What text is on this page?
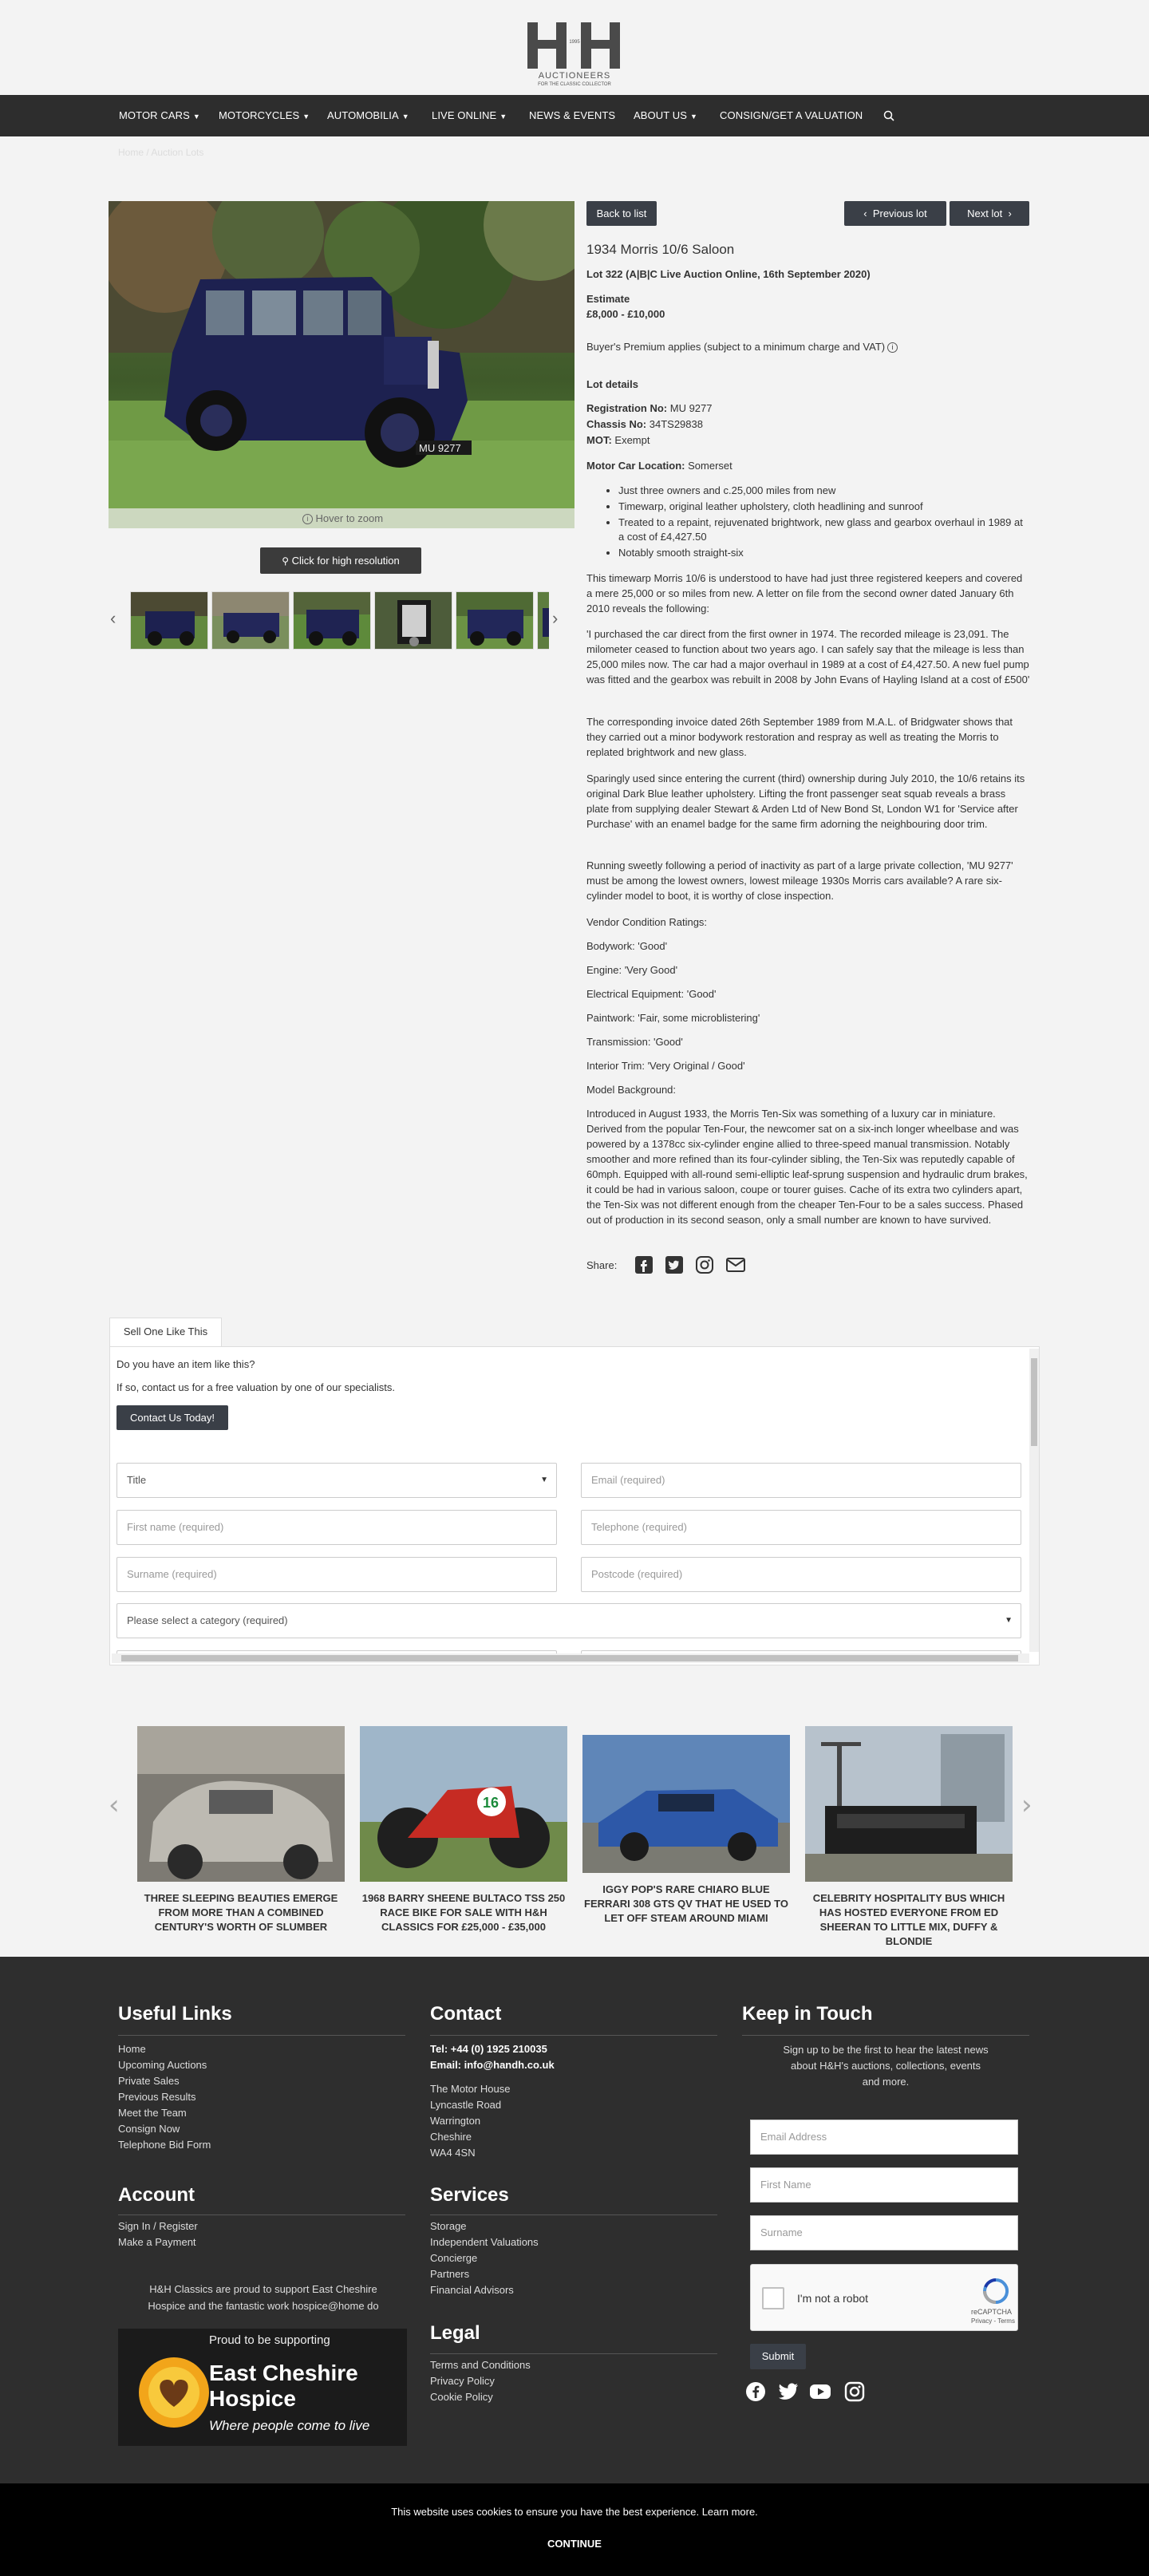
1995
AUCTIONEERS
FOR THE CLASSIC COLLECTOR
MOTOR CARS ▼ MOTORCYCLES ▼ AUTOMOBILIA ▼ LIVE ONLINE ▼ NEWS & EVENTS ABOUT US ▼ CONSIGN/GET A VALUATION
Home / Auction Lots
MU 9277
i Hover to zoom
⚲ Click for high resolution
‹	›
Back to list	‹ Previous lot	Next lot ›
1934 Morris 10/6 Saloon
Lot 322 (A|B|C Live Auction Online, 16th September 2020)
Estimate
£8,000 - £10,000
Buyer's Premium applies (subject to a minimum charge and VAT) i
Lot details
Registration No: MU 9277
Chassis No: 34TS29838
MOT: Exempt
Motor Car Location: Somerset
• Just three owners and c.25,000 miles from new
• Timewarp, original leather upholstery, cloth headlining and sunroof
• Treated to a repaint, rejuvenated brightwork, new glass and gearbox overhaul in 1989 at a cost of £4,427.50
• Notably smooth straight-six
This timewarp Morris 10/6 is understood to have had just three registered keepers and covered a mere 25,000 or so miles from new. A letter on file from the second owner dated January 6th 2010 reveals the following:
'I purchased the car direct from the first owner in 1974. The recorded mileage is 23,091. The milometer ceased to function about two years ago. I can safely say that the mileage is less than 25,000 miles now. The car had a major overhaul in 1989 at a cost of £4,427.50. A new fuel pump was fitted and the gearbox was rebuilt in 2008 by John Evans of Hayling Island at a cost of £500'
The corresponding invoice dated 26th September 1989 from M.A.L. of Bridgwater shows that they carried out a minor bodywork restoration and respray as well as treating the Morris to replated brightwork and new glass.
Sparingly used since entering the current (third) ownership during July 2010, the 10/6 retains its original Dark Blue leather upholstery. Lifting the front passenger seat squab reveals a brass plate from supplying dealer Stewart & Arden Ltd of New Bond St, London W1 for 'Service after Purchase' with an enamel badge for the same firm adorning the neighbouring door trim.
Running sweetly following a period of inactivity as part of a large private collection, 'MU 9277' must be among the lowest owners, lowest mileage 1930s Morris cars available? A rare six-cylinder model to boot, it is worthy of close inspection.
Vendor Condition Ratings:
Bodywork: 'Good'
Engine: 'Very Good'
Electrical Equipment: 'Good'
Paintwork: 'Fair, some microblistering'
Transmission: 'Good'
Interior Trim: 'Very Original / Good'
Model Background:
Introduced in August 1933, the Morris Ten-Six was something of a luxury car in miniature. Derived from the popular Ten-Four, the newcomer sat on a six-inch longer wheelbase and was powered by a 1378cc six-cylinder engine allied to three-speed manual transmission. Notably smoother and more refined than its four-cylinder sibling, the Ten-Six was reputedly capable of 60mph. Equipped with all-round semi-elliptic leaf-sprung suspension and hydraulic drum brakes, it could be had in various saloon, coupe or tourer guises. Cache of its extra two cylinders apart, the Ten-Six was not different enough from the cheaper Ten-Four to be a sales success. Phased out of production in its second season, only a small number are known to have survived.
Share:
Sell One Like This
Do you have an item like this?
If so, contact us for a free valuation by one of our specialists.
Contact Us Today!
Title	▼	Email (required)
First name (required)	Telephone (required)
Surname (required)	Postcode (required)
Please select a category (required)	▼
‹	›
THREE SLEEPING BEAUTIES EMERGE FROM MORE THAN A COMBINED CENTURY'S WORTH OF SLUMBER
16
1968 BARRY SHEENE BULTACO TSS 250 RACE BIKE FOR SALE WITH H&H CLASSICS FOR £25,000 - £35,000
IGGY POP'S RARE CHIARO BLUE FERRARI 308 GTS QV THAT HE USED TO LET OFF STEAM AROUND MIAMI
CELEBRITY HOSPITALITY BUS WHICH HAS HOSTED EVERYONE FROM ED SHEERAN TO LITTLE MIX, DUFFY & BLONDIE
Useful Links
Home
Upcoming Auctions
Private Sales
Previous Results
Meet the Team
Consign Now
Telephone Bid Form
Account
Sign In / Register
Make a Payment
H&H Classics are proud to support East Cheshire Hospice and the fantastic work hospice@home do
Proud to be supporting
East Cheshire
Hospice
Where people come to live
Contact
Tel: +44 (0) 1925 210035
Email: info@handh.co.uk
The Motor House
Lyncastle Road
Warrington
Cheshire
WA4 4SN
Services
Storage
Independent Valuations
Concierge
Partners
Financial Advisors
Legal
Terms and Conditions
Privacy Policy
Cookie Policy
Keep in Touch
Sign up to be the first to hear the latest news about H&H's auctions, collections, events and more.
Email Address
First Name
Surname
I'm not a robot
reCAPTCHA
Privacy - Terms
Submit
This website uses cookies to ensure you have the best experience. Learn more.
CONTINUE
